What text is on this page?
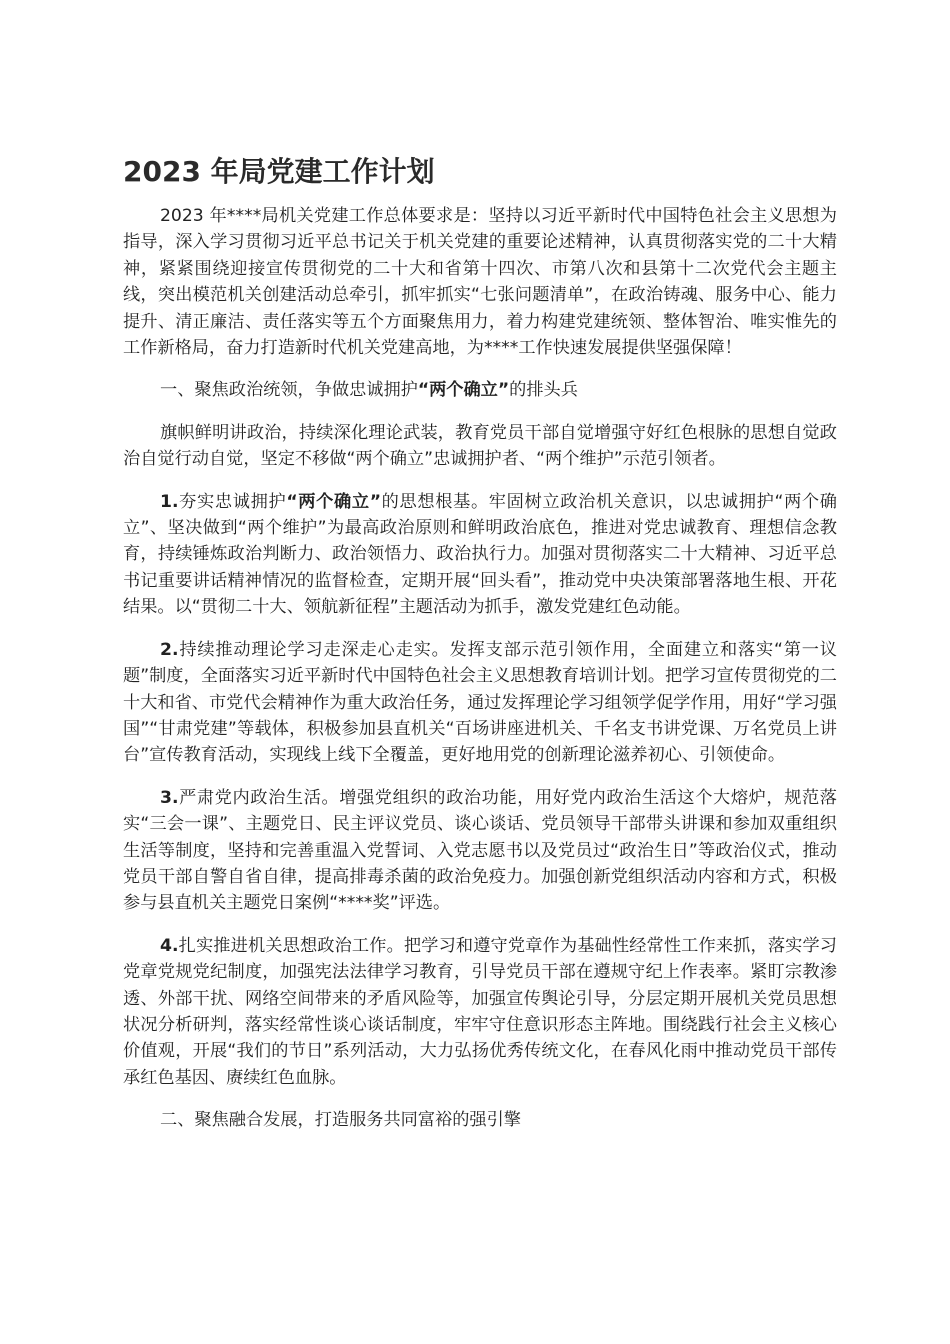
2023 年局党建工作计划

2023 年****局机关党建工作总体要求是：坚持以习近平新时代中国特色社会主义思想为指导，深入学习贯彻习近平总书记关于机关党建的重要论述精神，认真贯彻落实党的二十大精神，紧紧围绕迎接宣传贯彻党的二十大和省第十四次、市第八次和县第十二次党代会主题主线，突出模范机关创建活动总牵引，抓牢抓实“七张问题清单”，在政治铸魂、服务中心、能力提升、清正廉洁、责任落实等五个方面聚焦用力，着力构建党建统领、整体智治、唯实惟先的工作新格局，奋力打造新时代机关党建高地，为****工作快速发展提供坚强保障！

一、聚焦政治统领，争做忠诚拥护“两个确立”的排头兵

旗帜鲜明讲政治，持续深化理论武装，教育党员干部自觉增强守好红色根脉的思想自觉政治自觉行动自觉，坚定不移做“两个确立”忠诚拥护者、“两个维护”示范引领者。

1.夯实忠诚拥护“两个确立”的思想根基。牢固树立政治机关意识，以忠诚拥护“两个确立”、坚决做到“两个维护”为最高政治原则和鲜明政治底色，推进对党忠诚教育、理想信念教育，持续锤炼政治判断力、政治领悟力、政治执行力。加强对贯彻落实二十大精神、习近平总书记重要讲话精神情况的监督检查，定期开展“回头看”，推动党中央决策部署落地生根、开花结果。以“贯彻二十大、领航新征程”主题活动为抓手，激发党建红色动能。

2.持续推动理论学习走深走心走实。发挥支部示范引领作用，全面建立和落实“第一议题”制度，全面落实习近平新时代中国特色社会主义思想教育培训计划。把学习宣传贯彻党的二十大和省、市党代会精神作为重大政治任务，通过发挥理论学习组领学促学作用，用好“学习强国”“甘肃党建”等载体，积极参加县直机关“百场讲座进机关、千名支书讲党课、万名党员上讲台”宣传教育活动，实现线上线下全覆盖，更好地用党的创新理论滋养初心、引领使命。

3.严肃党内政治生活。增强党组织的政治功能，用好党内政治生活这个大熔炉，规范落实“三会一课”、主题党日、民主评议党员、谈心谈话、党员领导干部带头讲课和参加双重组织生活等制度，坚持和完善重温入党誓词、入党志愿书以及党员过“政治生日”等政治仪式，推动党员干部自警自省自律，提高排毒杀菌的政治免疫力。加强创新党组织活动内容和方式，积极参与县直机关主题党日案例“****奖”评选。

4.扎实推进机关思想政治工作。把学习和遵守党章作为基础性经常性工作来抓，落实学习党章党规党纪制度，加强宪法法律学习教育，引导党员干部在遵规守纪上作表率。紧盯宗教渗透、外部干扰、网络空间带来的矛盾风险等，加强宣传舆论引导，分层定期开展机关党员思想状况分析研判，落实经常性谈心谈话制度，牢牢守住意识形态主阵地。围绕践行社会主义核心价值观，开展“我们的节日”系列活动，大力弘扬优秀传统文化，在春风化雨中推动党员干部传承红色基因、赓续红色血脉。

二、聚焦融合发展，打造服务共同富裕的强引擎
